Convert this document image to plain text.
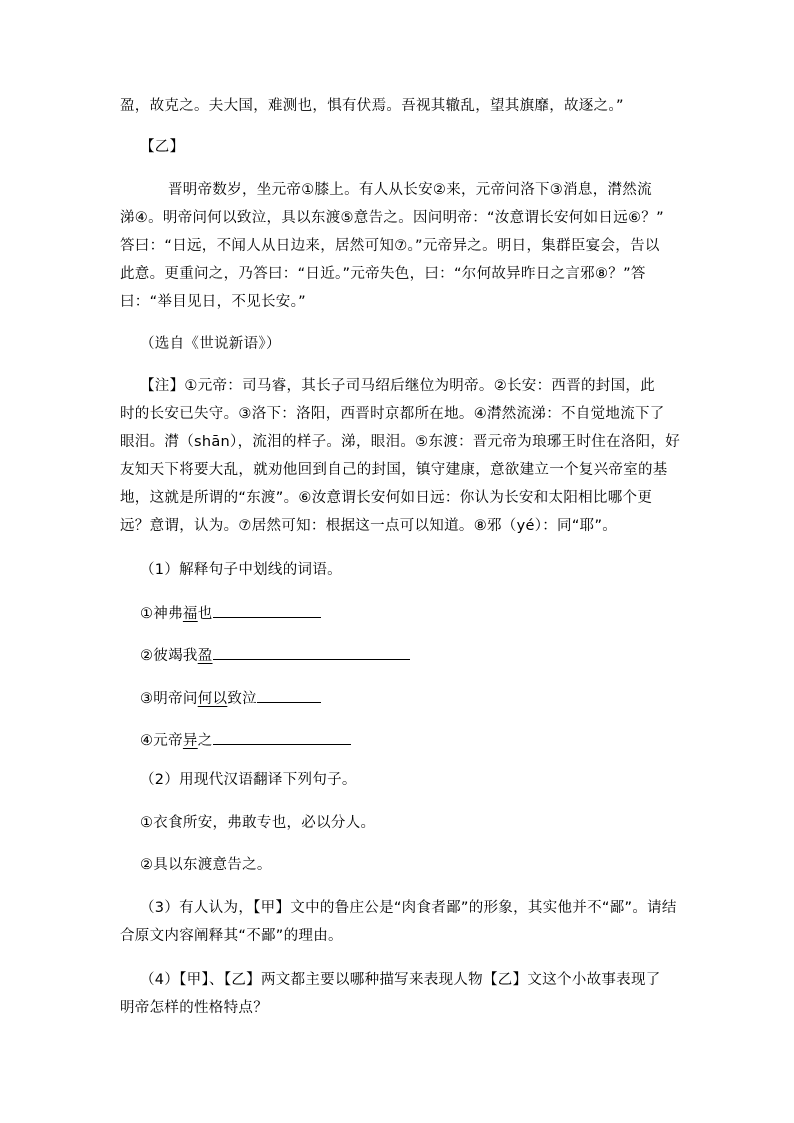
盈，故克之。夫大国，难测也，惧有伏焉。吾视其辙乱，望其旗靡，故逐之。”
【乙】
晋明帝数岁，坐元帝①膝上。有人从长安②来，元帝问洛下③消息，潸然流
涕④。明帝问何以致泣，具以东渡⑤意告之。因问明帝：“汝意谓长安何如日远⑥？”
答曰：“日远，不闻人从日边来，居然可知⑦。”元帝异之。明日，集群臣宴会，告以
此意。更重问之，乃答曰：“日近。”元帝失色，曰：“尔何故异昨日之言邪⑧？”答
曰：“举目见日，不见长安。”
（选自《世说新语》）
【注】①元帝：司马睿，其长子司马绍后继位为明帝。②长安：西晋的封国，此
时的长安已失守。③洛下：洛阳，西晋时京都所在地。④潸然流涕：不自觉地流下了
眼泪。潸（shān），流泪的样子。涕，眼泪。⑤东渡：晋元帝为琅琊王时住在洛阳，好
友知天下将要大乱，就劝他回到自己的封国，镇守建康，意欲建立一个复兴帝室的基
地，这就是所谓的“东渡”。⑥汝意谓长安何如日远：你认为长安和太阳相比哪个更
远？意谓，认为。⑦居然可知：根据这一点可以知道。⑧邪（yé）：同“耶”。
（1）解释句子中划线的词语。
①神弗福也
②彼竭我盈
③明帝问何以致泣
④元帝异之
（2）用现代汉语翻译下列句子。
①衣食所安，弗敢专也，必以分人。
②具以东渡意告之。
（3）有人认为，【甲】文中的鲁庄公是“肉食者鄙”的形象，其实他并不“鄙”。请结
合原文内容阐释其“不鄙”的理由。
（4）【甲】、【乙】两文都主要以哪种描写来表现人物【乙】文这个小故事表现了
明帝怎样的性格特点？
